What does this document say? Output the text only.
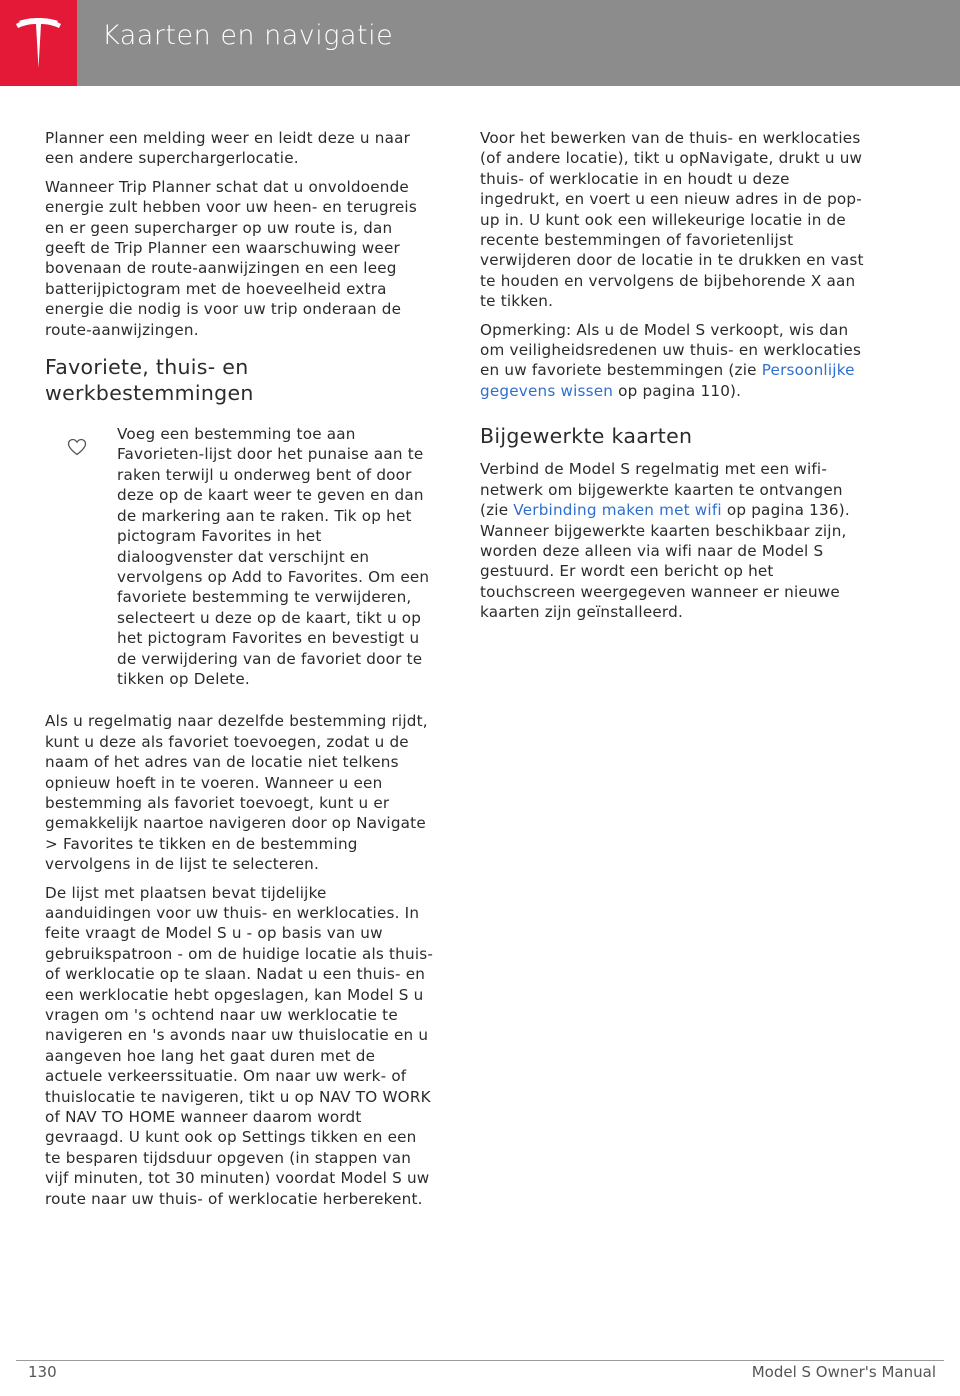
Kaarten en navigatie

Planner een melding weer en leidt deze u naar een andere superchargerlocatie.

Wanneer Trip Planner schat dat u onvoldoende energie zult hebben voor uw heen- en terugreis en er geen supercharger op uw route is, dan geeft de Trip Planner een waarschuwing weer bovenaan de route-aanwijzingen en een leeg batterijpictogram met de hoeveelheid extra energie die nodig is voor uw trip onderaan de route-aanwijzingen.

Favoriete, thuis- en werkbestemmingen

Voeg een bestemming toe aan Favorieten-lijst door het punaise aan te raken terwijl u onderweg bent of door deze op de kaart weer te geven en dan de markering aan te raken. Tik op het pictogram Favorites in het dialoogvenster dat verschijnt en vervolgens op Add to Favorites. Om een favoriete bestemming te verwijderen, selecteert u deze op de kaart, tikt u op het pictogram Favorites en bevestigt u de verwijdering van de favoriet door te tikken op Delete.

Als u regelmatig naar dezelfde bestemming rijdt, kunt u deze als favoriet toevoegen, zodat u de naam of het adres van de locatie niet telkens opnieuw hoeft in te voeren. Wanneer u een bestemming als favoriet toevoegt, kunt u er gemakkelijk naartoe navigeren door op Navigate > Favorites te tikken en de bestemming vervolgens in de lijst te selecteren.

De lijst met plaatsen bevat tijdelijke aanduidingen voor uw thuis- en werklocaties. In feite vraagt de Model S u - op basis van uw gebruikspatroon - om de huidige locatie als thuis- of werklocatie op te slaan. Nadat u een thuis- en een werklocatie hebt opgeslagen, kan Model S u vragen om 's ochtend naar uw werklocatie te navigeren en 's avonds naar uw thuislocatie en u aangeven hoe lang het gaat duren met de actuele verkeerssituatie. Om naar uw werk- of thuislocatie te navigeren, tikt u op NAV TO WORK of NAV TO HOME wanneer daarom wordt gevraagd. U kunt ook op Settings tikken en een te besparen tijdsduur opgeven (in stappen van vijf minuten, tot 30 minuten) voordat Model S uw route naar uw thuis- of werklocatie herberekent.

Voor het bewerken van de thuis- en werklocaties (of andere locatie), tikt u opNavigate, drukt u uw thuis- of werklocatie in en houdt u deze ingedrukt, en voert u een nieuw adres in de pop-up in. U kunt ook een willekeurige locatie in de recente bestemmingen of favorietenlijst verwijderen door de locatie in te drukken en vast te houden en vervolgens de bijbehorende X aan te tikken.

Opmerking: Als u de Model S verkoopt, wis dan om veiligheidsredenen uw thuis- en werklocaties en uw favoriete bestemmingen (zie Persoonlijke gegevens wissen op pagina 110).

Bijgewerkte kaarten

Verbind de Model S regelmatig met een wifi-netwerk om bijgewerkte kaarten te ontvangen (zie Verbinding maken met wifi op pagina 136). Wanneer bijgewerkte kaarten beschikbaar zijn, worden deze alleen via wifi naar de Model S gestuurd. Er wordt een bericht op het touchscreen weergegeven wanneer er nieuwe kaarten zijn geïnstalleerd.

130	Model S Owner's Manual
